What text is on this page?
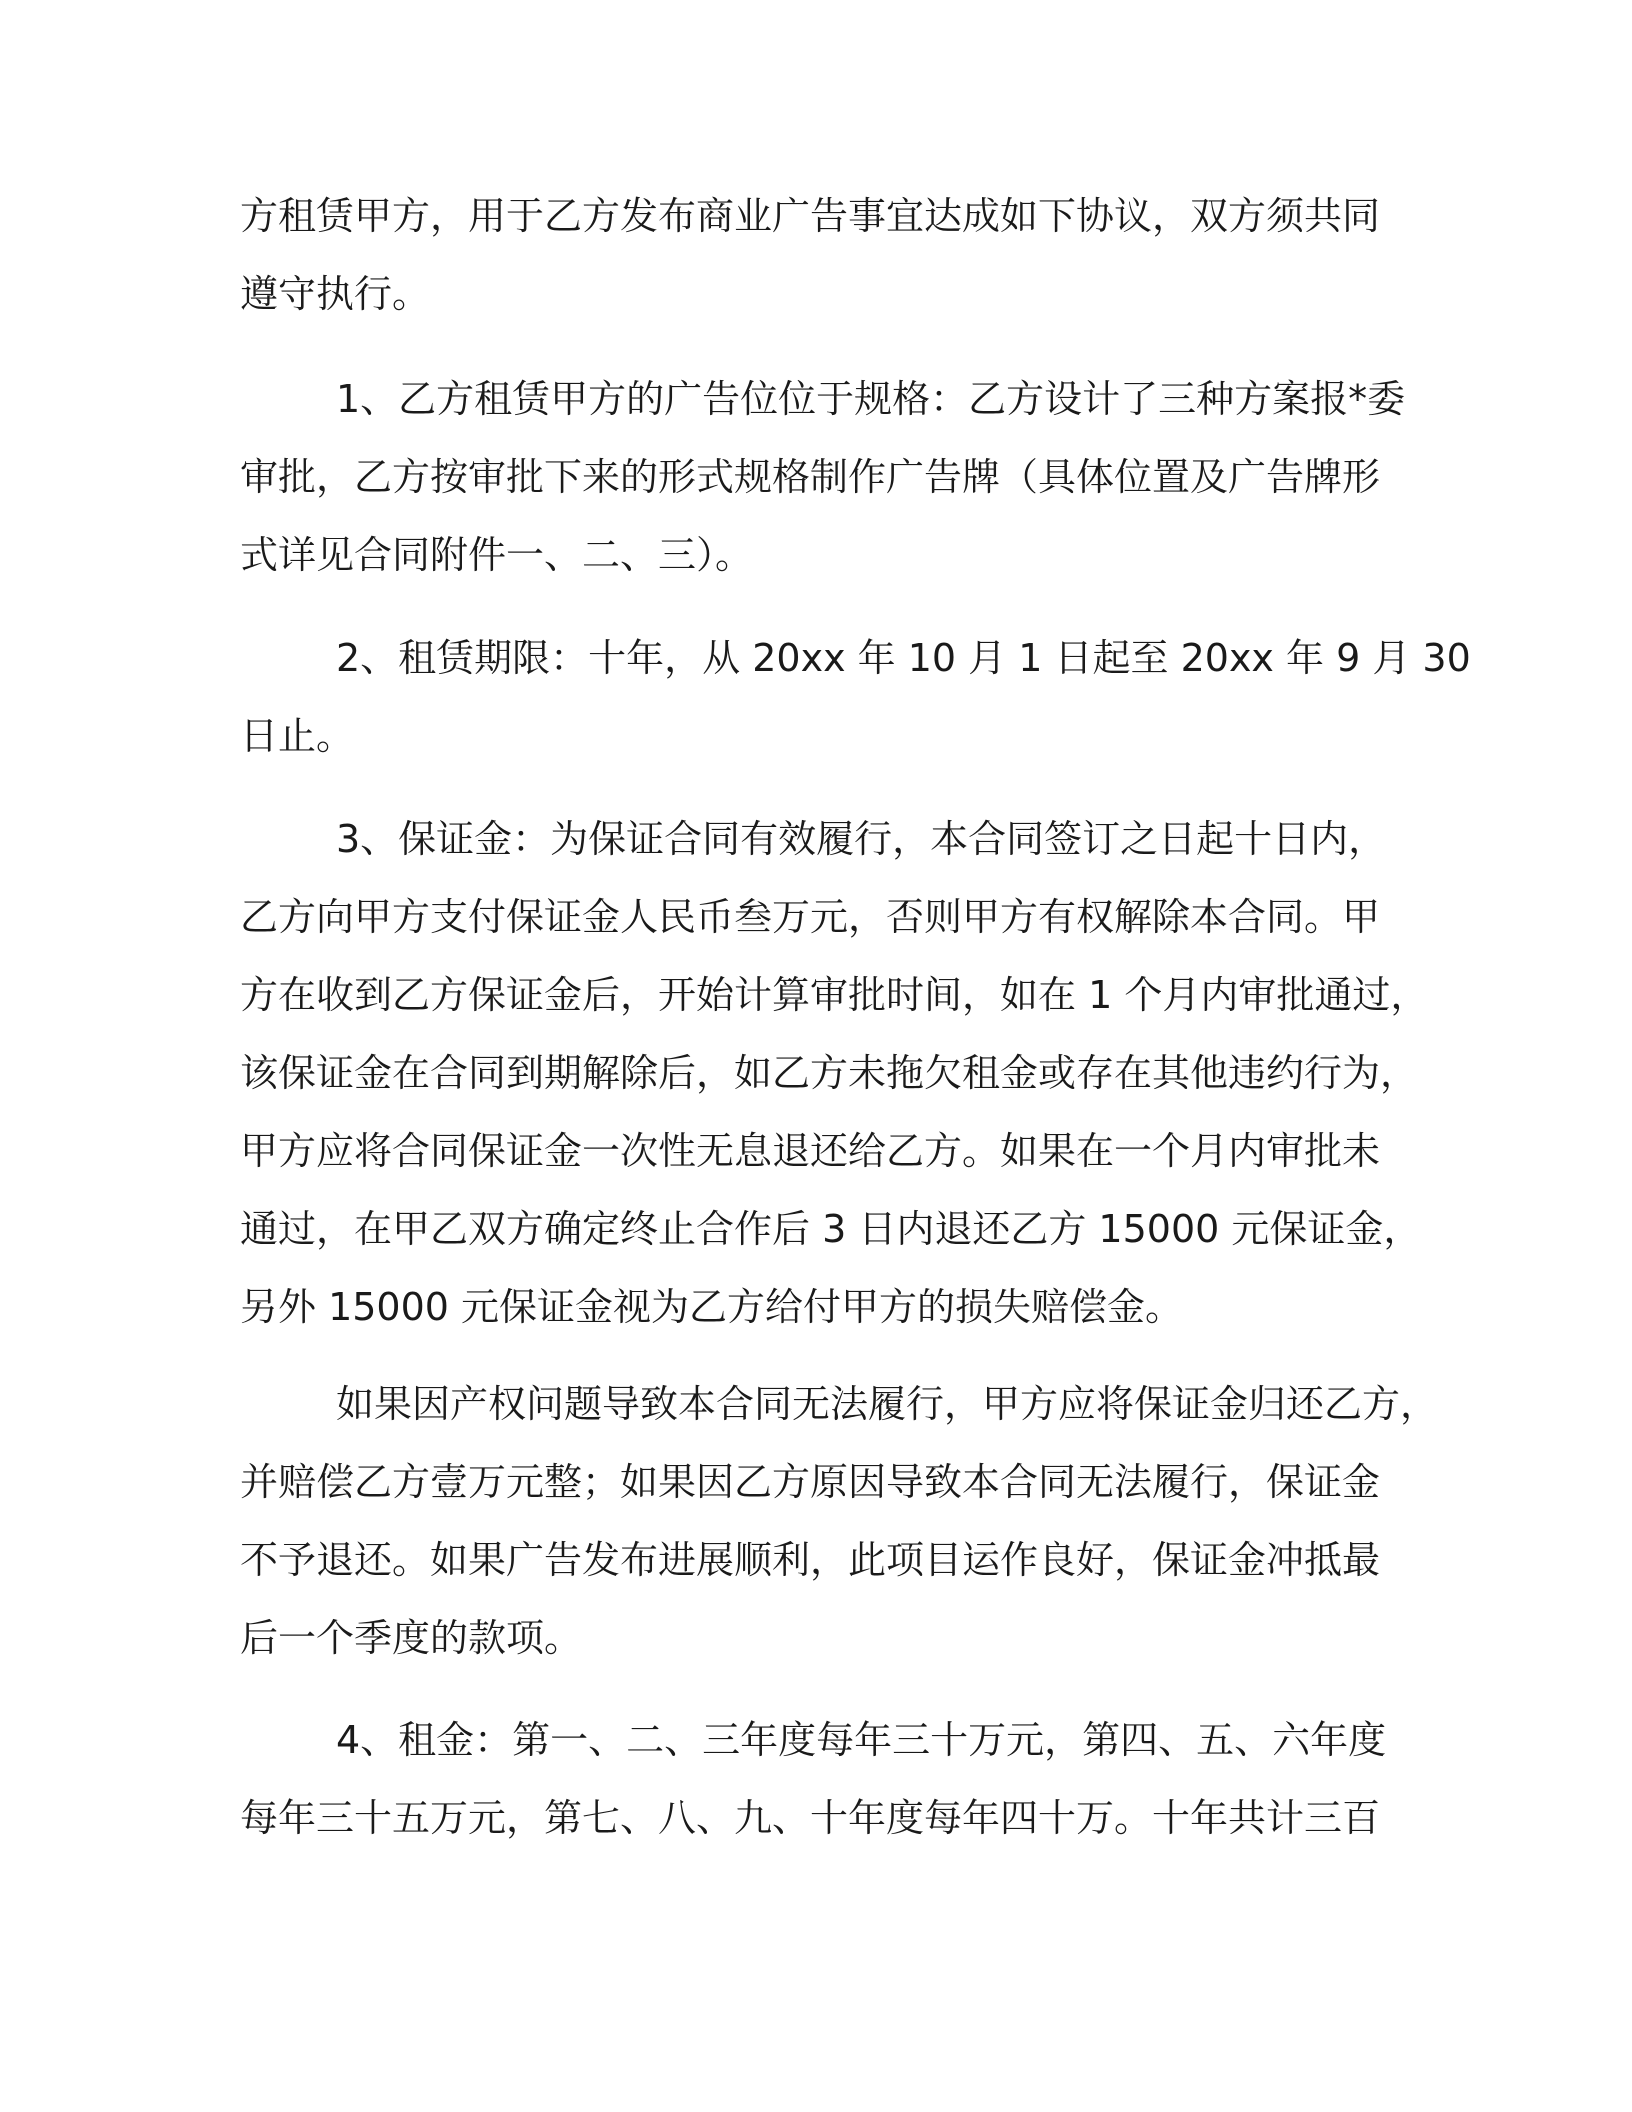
方租赁甲方，用于乙方发布商业广告事宜达成如下协议，双方须共同
遵守执行。
1、乙方租赁甲方的广告位位于规格：乙方设计了三种方案报*委
审批，乙方按审批下来的形式规格制作广告牌（具体位置及广告牌形
式详见合同附件一、二、三）。
2、租赁期限：十年，从 20xx 年 10 月 1 日起至 20xx 年 9 月 30
日止。
3、保证金：为保证合同有效履行，本合同签订之日起十日内，
乙方向甲方支付保证金人民币叁万元，否则甲方有权解除本合同。甲
方在收到乙方保证金后，开始计算审批时间，如在 1 个月内审批通过，
该保证金在合同到期解除后，如乙方未拖欠租金或存在其他违约行为，
甲方应将合同保证金一次性无息退还给乙方。如果在一个月内审批未
通过，在甲乙双方确定终止合作后 3 日内退还乙方 15000 元保证金，
另外 15000 元保证金视为乙方给付甲方的损失赔偿金。
如果因产权问题导致本合同无法履行，甲方应将保证金归还乙方，
并赔偿乙方壹万元整；如果因乙方原因导致本合同无法履行，保证金
不予退还。如果广告发布进展顺利，此项目运作良好，保证金冲抵最
后一个季度的款项。
4、租金：第一、二、三年度每年三十万元，第四、五、六年度
每年三十五万元，第七、八、九、十年度每年四十万。十年共计三百
